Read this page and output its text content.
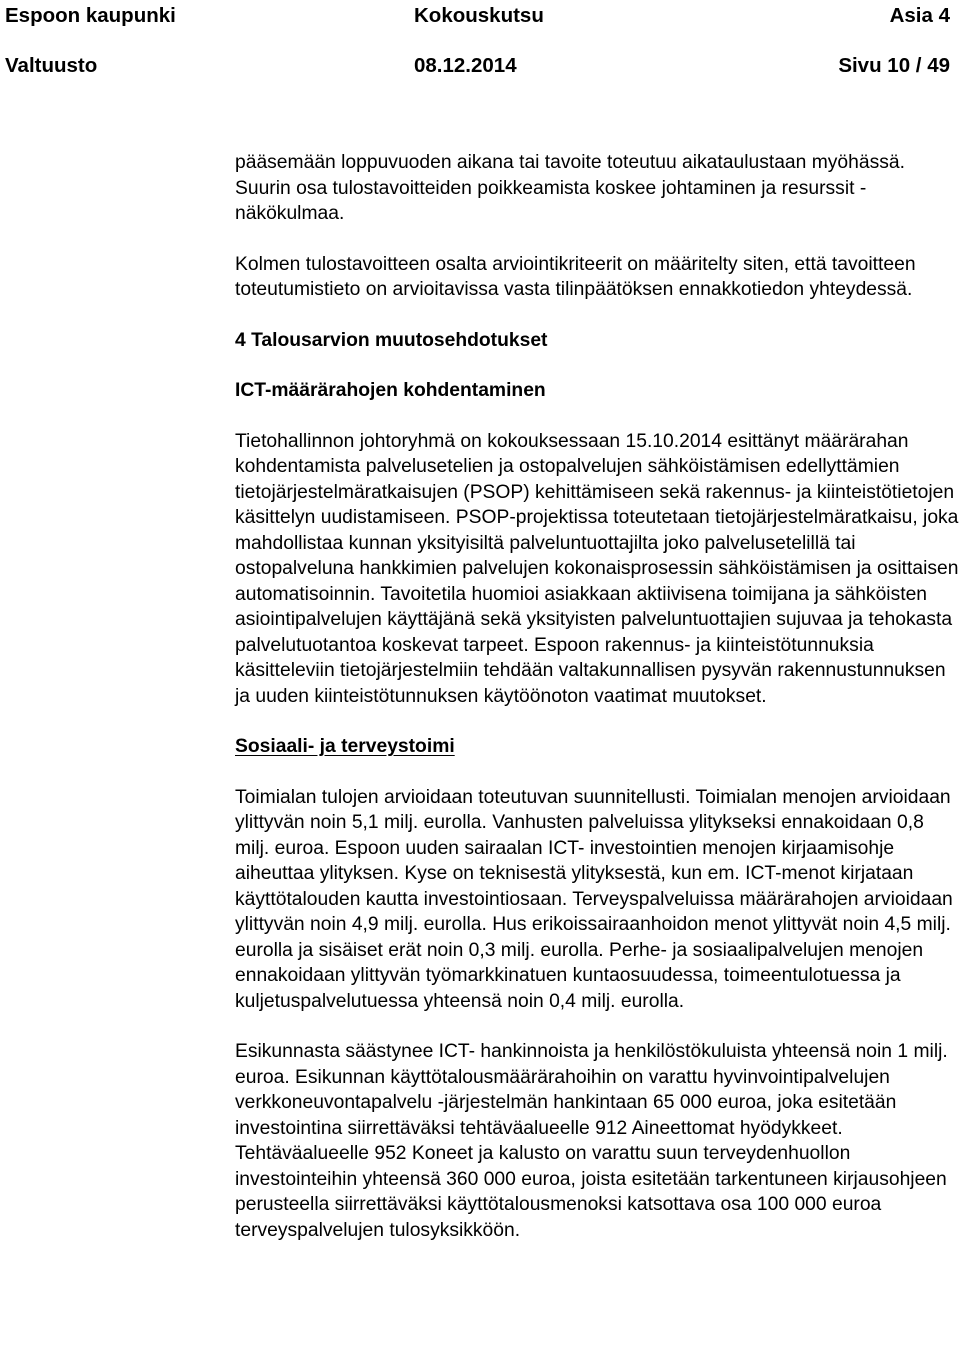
Espoon kaupunki	Kokouskutsu	Asia 4
Valtuusto	08.12.2014	Sivu 10 / 49

pääsemään loppuvuoden aikana tai tavoite toteutuu aikataulustaan myöhässä. Suurin osa tulostavoitteiden poikkeamista koskee johtaminen ja resurssit -näkökulmaa.

Kolmen tulostavoitteen osalta arviointikriteerit on määritelty siten, että tavoitteen toteutumistieto on arvioitavissa vasta tilinpäätöksen ennakkotiedon yhteydessä.

4 Talousarvion muutosehdotukset

ICT-määrärahojen kohdentaminen

Tietohallinnon johtoryhmä on kokouksessaan 15.10.2014 esittänyt määrärahan kohdentamista palvelusetelien ja ostopalvelujen sähköistämisen edellyttämien tietojärjestelmäratkaisujen (PSOP) kehittämiseen sekä rakennus- ja kiinteistötietojen käsittelyn uudistamiseen. PSOP-projektissa toteutetaan tietojärjestelmäratkaisu, joka mahdollistaa kunnan yksityisiltä palveluntuottajilta joko palvelusetelillä tai ostopalveluna hankkimien palvelujen kokonaisprosessin sähköistämisen ja osittaisen automatisoinnin. Tavoitetila huomioi asiakkaan aktiivisena toimijana ja sähköisten asiointipalvelujen käyttäjänä sekä yksityisten palveluntuottajien sujuvaa ja tehokasta palvelutuotantoa koskevat tarpeet. Espoon rakennus- ja kiinteistötunnuksia käsitteleviin tietojärjestelmiin tehdään valtakunnallisen pysyvän rakennustunnuksen ja uuden kiinteistötunnuksen käytöönoton vaatimat muutokset.

Sosiaali- ja terveystoimi

Toimialan tulojen arvioidaan toteutuvan suunnitellusti. Toimialan menojen arvioidaan ylittyvän noin 5,1 milj. eurolla. Vanhusten palveluissa ylitykseksi ennakoidaan 0,8 milj. euroa. Espoon uuden sairaalan ICT- investointien menojen kirjaamisohje aiheuttaa ylityksen. Kyse on teknisestä ylityksestä, kun em. ICT-menot kirjataan käyttötalouden kautta investointiosaan. Terveyspalveluissa määrärahojen arvioidaan ylittyvän noin 4,9 milj. eurolla. Hus erikoissairaanhoidon menot ylittyvät noin 4,5 milj. eurolla ja sisäiset erät noin 0,3 milj. eurolla. Perhe- ja sosiaalipalvelujen menojen ennakoidaan ylittyvän työmarkkinatuen kuntaosuudessa, toimeentulotuessa ja kuljetuspalvelutuessa yhteensä noin 0,4 milj. eurolla.

Esikunnasta säästynee ICT- hankinnoista ja henkilöstökuluista yhteensä noin 1 milj. euroa. Esikunnan käyttötalousmäärärahoihin on varattu hyvinvointipalvelujen verkkoneuvontapalvelu -järjestelmän hankintaan 65 000 euroa, joka esitetään investointina siirrettäväksi tehtäväalueelle 912 Aineettomat hyödykkeet. Tehtäväalueelle 952 Koneet ja kalusto on varattu suun terveydenhuollon investointeihin yhteensä 360 000 euroa, joista esitetään tarkentuneen kirjausohjeen perusteella siirrettäväksi käyttötalousmenoksi katsottava osa 100 000 euroa terveyspalvelujen tulosyksikköön.
